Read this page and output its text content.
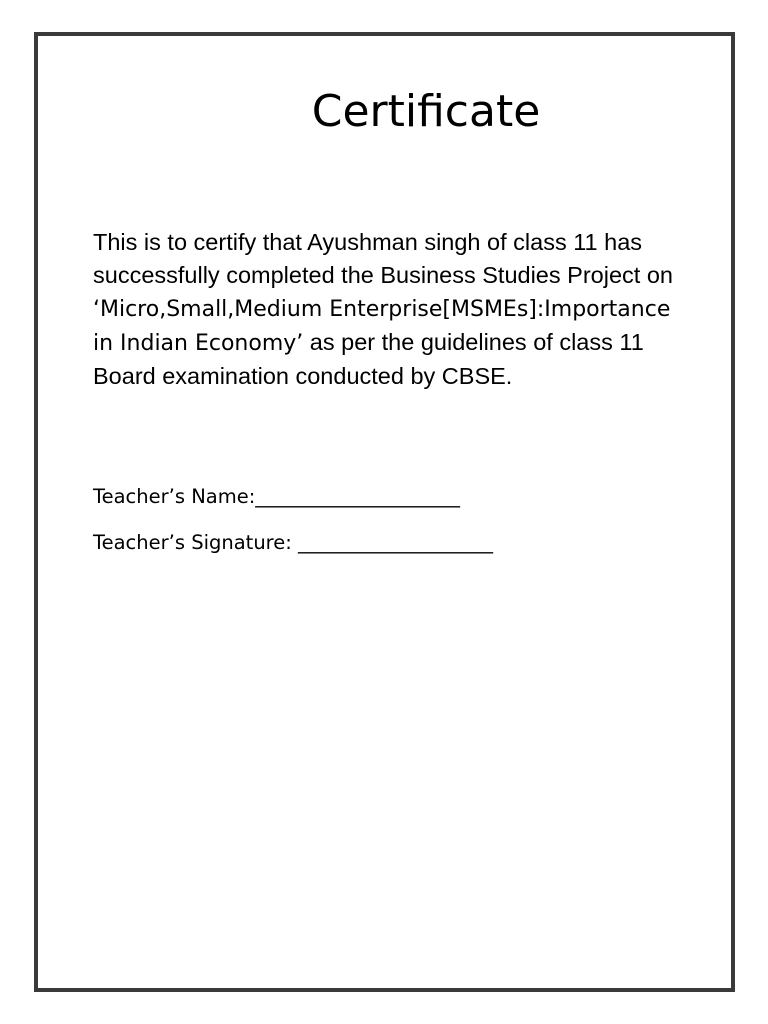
Certificate

This is to certify that Ayushman singh of class 11 has successfully completed the Business Studies Project on ‘Micro,Small,Medium Enterprise[MSMEs]:Importance in Indian Economy’ as per the guidelines of class 11 Board examination conducted by CBSE.

Teacher’s Name:_____________________

Teacher’s Signature: ____________________
